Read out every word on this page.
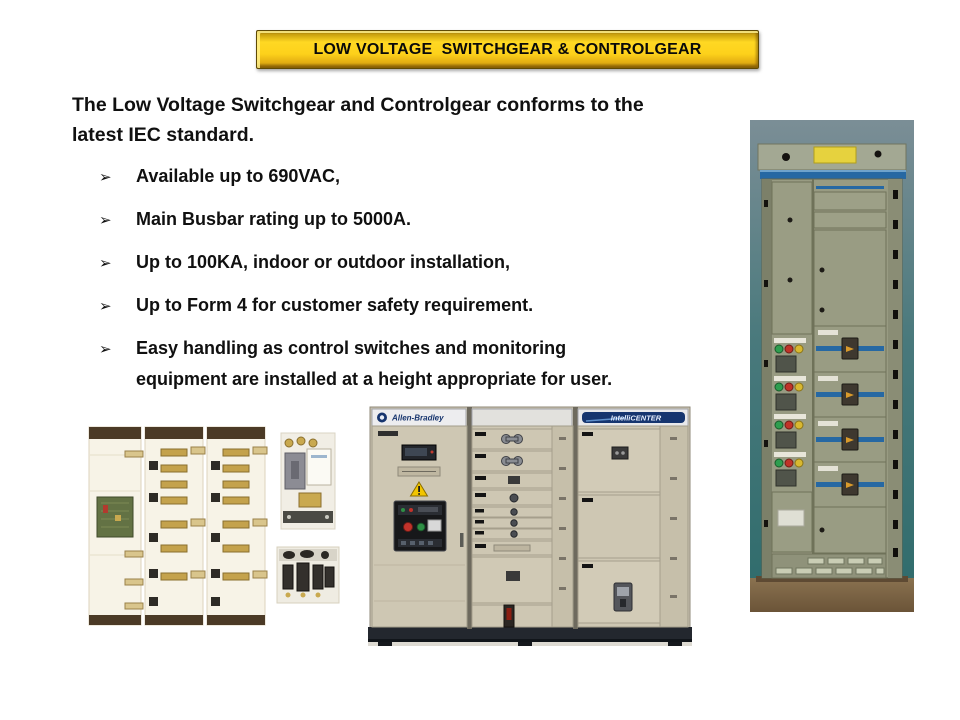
LOW VOLTAGE  SWITCHGEAR & CONTROLGEAR
The Low Voltage Switchgear and Controlgear conforms to the
latest IEC standard.
➢	Available up to 690VAC,
➢	Main Busbar rating up to 5000A.
➢	Up to 100KA, indoor or outdoor installation,
➢	Up to Form 4 for customer safety requirement.
➢	Easy handling as control switches and monitoring
equipment are installed at a height appropriate for user.
Allen-Bradley	IntelliCENTER
